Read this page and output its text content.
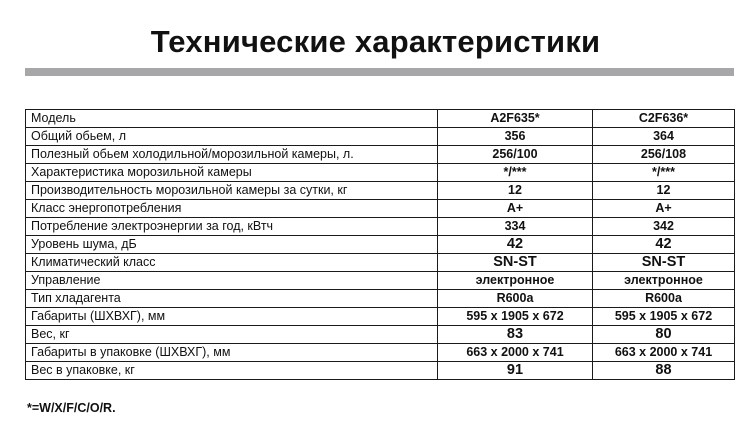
Технические характеристики
Модель	A2F635*	C2F636*
Общий обьем, л	356	364
Полезный обьем холодильной/морозильной камеры, л.	256/100	256/108
Характеристика морозильной камеры	*/***	*/***
Производительность морозильной камеры за сутки, кг	12	12
Класс энергопотребления	A+	A+
Потребление электроэнергии за год, кВтч	334	342
Уровень шума, дБ	42	42
Климатический класс	SN-ST	SN-ST
Управление	электронное	электронное
Тип хладагента	R600a	R600a
Габариты (ШХВХГ), мм	595 x 1905 x 672	595 x 1905 x 672
Вес, кг	83	80
Габариты в упаковке (ШХВХГ), мм	663 x 2000 x 741	663 x 2000 x 741
Вес в упаковке, кг	91	88
*=W/X/F/C/O/R.
